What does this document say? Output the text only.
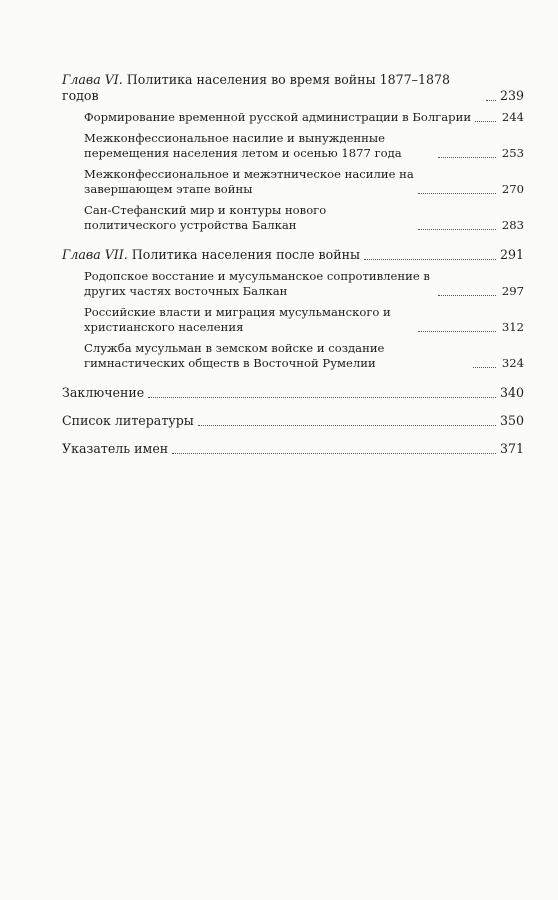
Глава VI. Политика населения во время войны 1877–1878 годов	239
Формирование временной русской администрации в Болгарии	244
Межконфессиональное насилие и вынужденные перемещения населения летом и осенью 1877 года	253
Межконфессиональное и межэтническое насилие на завершающем этапе войны	270
Сан-Стефанский мир и контуры нового политического устройства Балкан	283
Глава VII. Политика населения после войны	291
Родопское восстание и мусульманское сопротивление в других частях восточных Балкан	297
Российские власти и миграция мусульманского и христианского населения	312
Служба мусульман в земском войске и создание гимнастических обществ в Восточной Румелии	324
Заключение	340
Список литературы	350
Указатель имен	371
